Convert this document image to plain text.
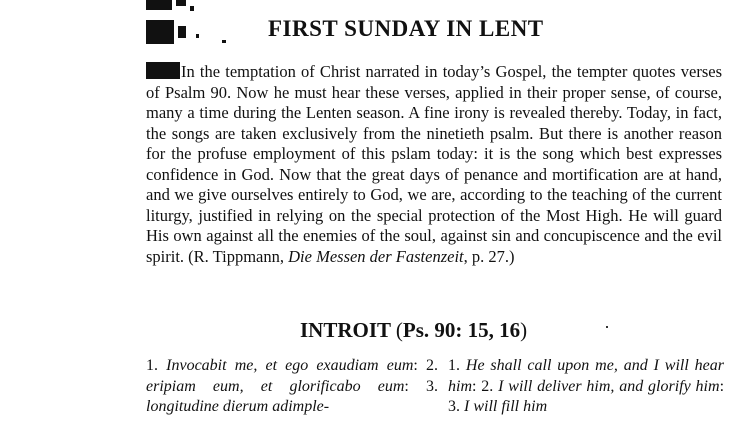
FIRST SUNDAY IN LENT

In the temptation of Christ narrated in today’s Gospel, the tempter quotes verses of Psalm 90. Now he must hear these verses, applied in their proper sense, of course, many a time during the Lenten season. A fine irony is revealed thereby. Today, in fact, the songs are taken exclusively from the ninetieth psalm. But there is another reason for the profuse employment of this pslam today: it is the song which best expresses confidence in God. Now that the great days of penance and mortification are at hand, and we give ourselves entirely to God, we are, according to the teaching of the current liturgy, justified in relying on the special protection of the Most High. He will guard His own against all the enemies of the soul, against sin and concupiscence and the evil spirit. (R. Tippmann, Die Messen der Fastenzeit, p. 27.)

INTROIT (Ps. 90: 15, 16)

1. Invocabit me, et ego exaudiam eum: 2. eripiam eum, et glorificabo eum: 3. longitudine dierum adimple-

1. He shall call upon me, and I will hear him: 2. I will deliver him, and glorify him: 3. I will fill him
